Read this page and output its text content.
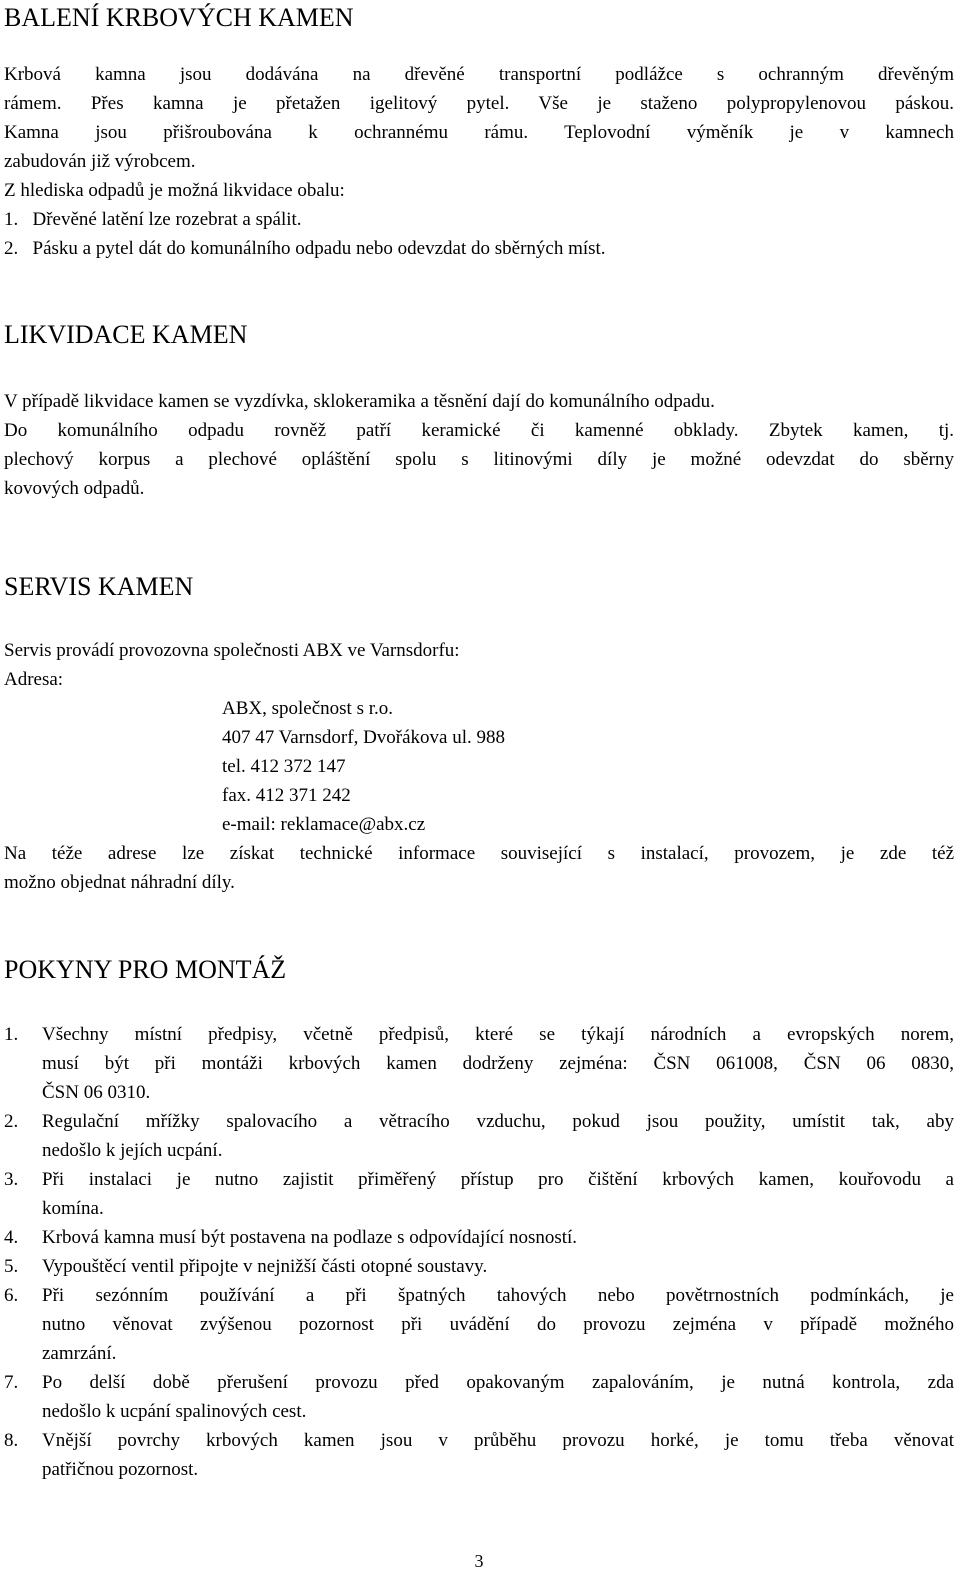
BALENÍ KRBOVÝCH KAMEN
Krbová kamna jsou dodávána na dřevěné transportní podlážce s ochranným dřevěným
rámem. Přes kamna je přetažen igelitový pytel. Vše je staženo polypropylenovou páskou.
Kamna jsou přišroubována k ochrannému rámu. Teplovodní výměník je v kamnech
zabudován již výrobcem.
Z hlediska odpadů je možná likvidace obalu:
1. Dřevěné latění lze rozebrat a spálit.
2. Pásku a pytel dát do komunálního odpadu nebo odevzdat do sběrných míst.
LIKVIDACE KAMEN
V případě likvidace kamen se vyzdívka, sklokeramika a těsnění dají do komunálního odpadu.
Do komunálního odpadu rovněž patří keramické či kamenné obklady. Zbytek kamen, tj.
plechový korpus a plechové opláštění spolu s litinovými díly je možné odevzdat do sběrny
kovových odpadů.
SERVIS KAMEN
Servis provádí provozovna společnosti ABX ve Varnsdorfu:
Adresa:
ABX, společnost s r.o.
407 47 Varnsdorf, Dvořákova ul. 988
tel. 412 372 147
fax. 412 371 242
e-mail: reklamace@abx.cz
Na téže adrese lze získat technické informace související s instalací, provozem, je zde též
možno objednat náhradní díly.
POKYNY PRO MONTÁŽ
1. Všechny místní předpisy, včetně předpisů, které se týkají národních a evropských norem,
musí být při montáži krbových kamen dodrženy zejména: ČSN 061008, ČSN 06 0830,
ČSN 06 0310.
2. Regulační mřížky spalovacího a větracího vzduchu, pokud jsou použity, umístit tak, aby
nedošlo k jejích ucpání.
3. Při instalaci je nutno zajistit přiměřený přístup pro čištění krbových kamen, kouřovodu a
komína.
4. Krbová kamna musí být postavena na podlaze s odpovídající nosností.
5. Vypouštěcí ventil připojte v nejnižší části otopné soustavy.
6. Při sezónním používání a při špatných tahových nebo povětrnostních podmínkách, je
nutno věnovat zvýšenou pozornost při uvádění do provozu zejména v případě možného
zamrzání.
7. Po delší době přerušení provozu před opakovaným zapalováním, je nutná kontrola, zda
nedošlo k ucpání spalinových cest.
8. Vnější povrchy krbových kamen jsou v průběhu provozu horké, je tomu třeba věnovat
patřičnou pozornost.
3
